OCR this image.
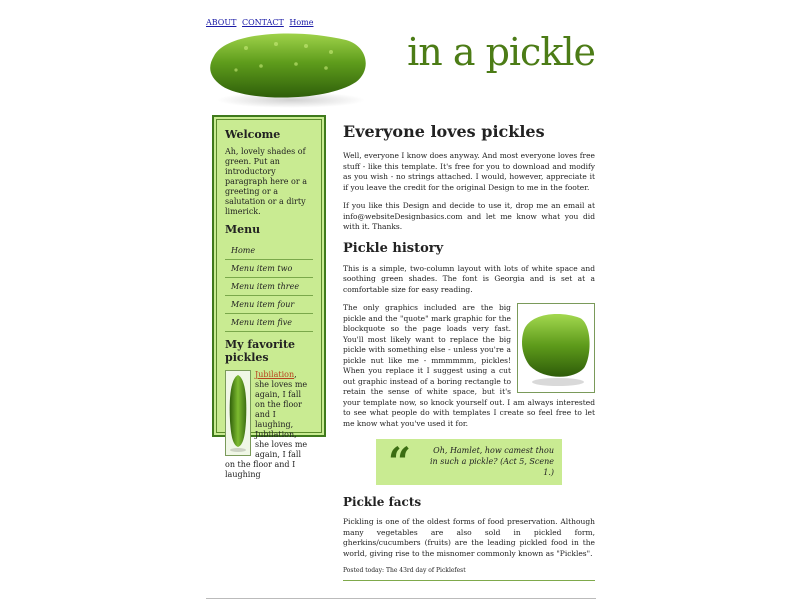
ABOUT CONTACT Home
in a pickle
Welcome

Ah, lovely shades of green. Put an introductory paragraph here or a greeting or a salutation or a dirty limerick.

Menu
Home
Menu item two
Menu item three
Menu item four
Menu item five
My favorite pickles
Jubilation, she loves me again, I fall on the floor and I laughing, Jubilation, she loves me again, I fall on the floor and I laughing
Everyone loves pickles

Well, everyone I know does anyway. And most everyone loves free stuff - like this template. It's free for you to download and modify as you wish - no strings attached. I would, however, appreciate it if you leave the credit for the original Design to me in the footer.

If you like this Design and decide to use it, drop me an email at info@websiteDesignbasics.com and let me know what you did with it. Thanks.

Pickle history

This is a simple, two-column layout with lots of white space and soothing green shades. The font is Georgia and is set at a comfortable size for easy reading.

The only graphics included are the big pickle and the "quote" mark graphic for the blockquote so the page loads very fast. You'll most likely want to replace the big pickle with something else - unless you're a pickle nut like me - mmmmmm, pickles! When you replace it I suggest using a cut out graphic instead of a boring rectangle to retain the sense of white space, but it's your template now, so knock yourself out. I am always interested to see what people do with templates I create so feel free to let me know what you've used it for.
“	Oh, Hamlet, how camest thou in such a pickle? (Act 5, Scene 1.)
Pickle facts

Pickling is one of the oldest forms of food preservation. Although many vegetables are also sold in pickled form, gherkins/cucumbers (fruits) are the leading pickled food in the world, giving rise to the misnomer commonly known as "Pickles".

Posted today: The 43rd day of Picklefest
